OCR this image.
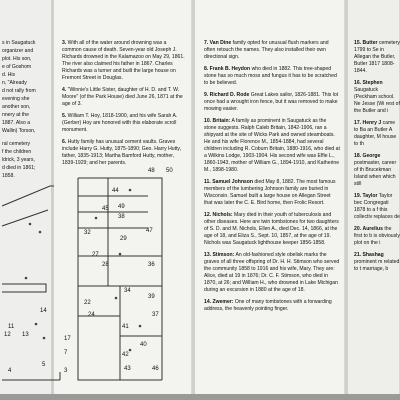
s in Saugatuck
organizer and
plot. His son,
e of Goshom
d. His
n, "Already
d not rally from
evening she
another son,
nnery at the
1887. Also a
Wallin) Torson,
ral cemetery
f the children
ldrick, 3 years,
d died in 1861;
1858.

3. With all of the water around drowning was a common cause of death. Seven-year old Joseph J. Richards drowned in the Kalamazoo on May 29, 1861. The river also claimed his father in 1867. Charles Richards was a turner and built the large house on Fremont Street in Douglas.

4. "Winnie's Little Sister, daughter of H. D. and T. W. Moore" (of the Park House) died June 26, 1871 at the age of 3.

5. William T. Hoy, 1818-1900, and his wife Sarah A. (Gerber) Hoy are honored with this elaborate scroll monument.

6. Hutty family has unusual cement vaults. Graves include Harry G. Hutty, 1875-1890; Geo. Harry Hutty, father, 1835-1913; Martha Bamford Hutty, mother, 1839-1929; and her parents.

7. Van Dine family opted for unusual flush markers and often retouch the names. They also installed their own directional sign.

8. Frank B. Heydon who died in 1882. This tree-shaped stone has so much moss and fungus it has to be scratched to be believed.

9. Richard D. Rode Great Lakes sailor, 1826-1881. This lot once had a wrought iron fence, but it was removed to make mowing easier.

10. Britain: A family as prominent in Saugatuck as the stone suggests. Ralph Caleb Britain, 1842-1906, ran a shipyard at the site of Wicks Park and owned steamboats. He and his wife Florence M., 1854-1884, had several children including R. Coburn Britain, 1880-1916, who died at a Wilkins Lodge, 1903-1904. His second wife was Effie L., 1860-1943, mother of William G., 1894-1910, and Katherine M., 1898-1980.

11. Samuel Johnson died May 8, 1882. The most famous members of the lumbering Johnson family are buried in Wisconsin. Samuel built a large house on Allegan Street that was later the C. E. Bird home, then Frolic Resort.

12. Nichols: Mary died in their youth of tuberculosis and other diseases. Here are twin tombstones for two daughters of S. D. and M. Nichols, Ellen A., died Dec. 14, 1866, at the age of 18, and Eliza S., Sept. 10, 1857, at the age of 19. Nichols was Saugatuck lighthouse keeper 1856-1858.

13. Stimson: An old-fashioned style obelisk marks the graves of all three offspring of Dr. H. H. Stimson who served the community 1858 to 1916 and his wife, Mary. They are: Alice, died at 19 in 1876; Dr. C. F. Stimson, who died in 1870, at 26; and William H., who drowned in Lake Michigan during an excursion in 1880 at the age of 18.

14. Zwemer: One of many tombstones with a forwarding address, the heavenly pointing finger.

15. Butter cemetery 1799 to Se in Allegan the Butler, Butler 1817 1808-1844.

16. Stephen Saugatuck (Peckham school. Ne Jesse (Wi rest of the Butler and i

17. Henry J came to Ba an Butler A daughter, M house to th

18. George postmaster, career of th Brucekman Island when which still

19. Taylor Taylor bec Congregati 1878 to a f this collectiv replaces de

20. Aurelius the first to b is obviously plot on the i

21. Shashag prominent m related to t marriage, b

48 50
44
45 49
38
47
32
29
27
28	36
34
22
24	37
14
11
12 13
17
7
5
4	3
41
40
42
43	46
39
